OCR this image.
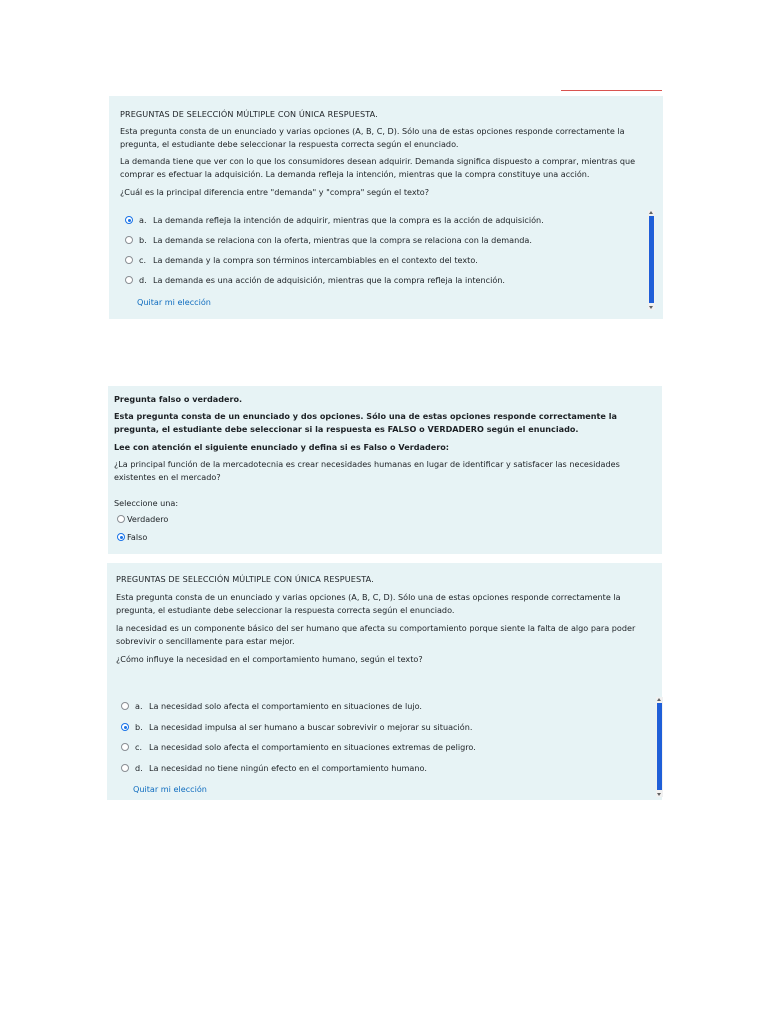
PREGUNTAS DE SELECCIÓN MÚLTIPLE CON ÚNICA RESPUESTA.

Esta pregunta consta de un enunciado y varias opciones (A, B, C, D). Sólo una de estas opciones responde correctamente la pregunta, el estudiante debe seleccionar la respuesta correcta según el enunciado.

La demanda tiene que ver con lo que los consumidores desean adquirir. Demanda significa dispuesto a comprar, mientras que comprar es efectuar la adquisición. La demanda refleja la intención, mientras que la compra constituye una acción.

¿Cuál es la principal diferencia entre "demanda" y "compra" según el texto?

a. La demanda refleja la intención de adquirir, mientras que la compra es la acción de adquisición.
b. La demanda se relaciona con la oferta, mientras que la compra se relaciona con la demanda.
c. La demanda y la compra son términos intercambiables en el contexto del texto.
d. La demanda es una acción de adquisición, mientras que la compra refleja la intención.
Quitar mi elección

Pregunta falso o verdadero.

Esta pregunta consta de un enunciado y dos opciones. Sólo una de estas opciones responde correctamente la pregunta, el estudiante debe seleccionar si la respuesta es FALSO o VERDADERO según el enunciado.

Lee con atención el siguiente enunciado y defina si es Falso o Verdadero:

¿La principal función de la mercadotecnia es crear necesidades humanas en lugar de identificar y satisfacer las necesidades existentes en el mercado?

Seleccione una:

Verdadero
Falso

PREGUNTAS DE SELECCIÓN MÚLTIPLE CON ÚNICA RESPUESTA.

Esta pregunta consta de un enunciado y varias opciones (A, B, C, D). Sólo una de estas opciones responde correctamente la pregunta, el estudiante debe seleccionar la respuesta correcta según el enunciado.

la necesidad es un componente básico del ser humano que afecta su comportamiento porque siente la falta de algo para poder sobrevivir o sencillamente para estar mejor.

¿Cómo influye la necesidad en el comportamiento humano, según el texto?

a. La necesidad solo afecta el comportamiento en situaciones de lujo.
b. La necesidad impulsa al ser humano a buscar sobrevivir o mejorar su situación.
c. La necesidad solo afecta el comportamiento en situaciones extremas de peligro.
d. La necesidad no tiene ningún efecto en el comportamiento humano.
Quitar mi elección
